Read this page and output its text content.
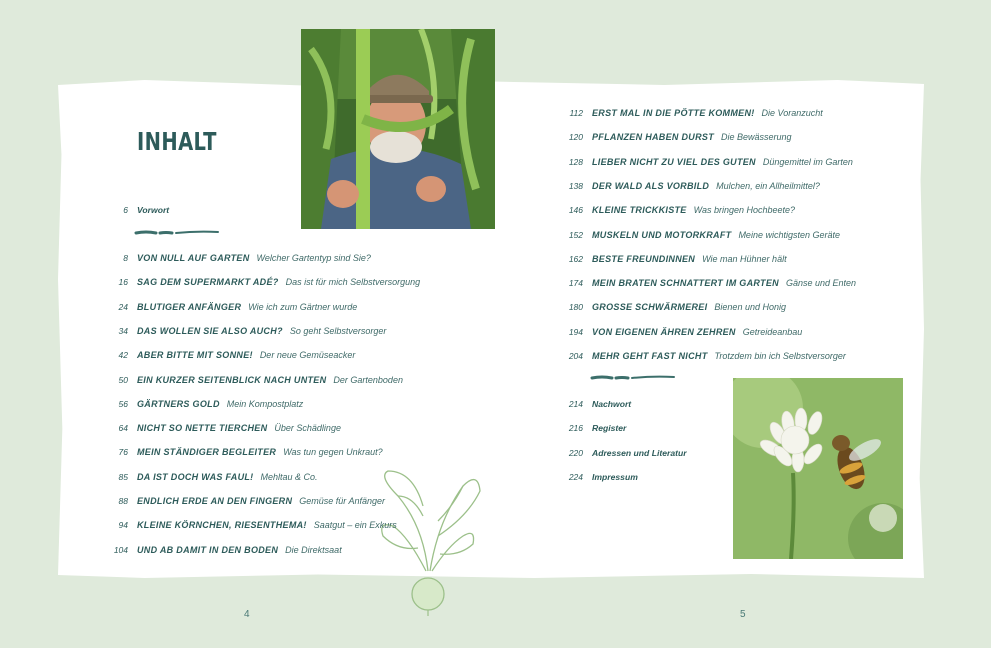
INHALT
6 Vorwort
8 VON NULL AUF GARTEN Welcher Gartentyp sind Sie?
16 SAG DEM SUPERMARKT ADÉ? Das ist für mich Selbstversorgung
24 BLUTIGER ANFÄNGER Wie ich zum Gärtner wurde
34 DAS WOLLEN SIE ALSO AUCH? So geht Selbstversorger
42 ABER BITTE MIT SONNE! Der neue Gemüseacker
50 EIN KURZER SEITENBLICK NACH UNTEN Der Gartenboden
56 GÄRTNERS GOLD Mein Kompostplatz
64 NICHT SO NETTE TIERCHEN Über Schädlinge
76 MEIN STÄNDIGER BEGLEITER Was tun gegen Unkraut?
85 DA IST DOCH WAS FAUL! Mehltau & Co.
88 ENDLICH ERDE AN DEN FINGERN Gemüse für Anfänger
94 KLEINE KÖRNCHEN, RIESENTHEMA! Saatgut – ein Exkurs
104 UND AB DAMIT IN DEN BODEN Die Direktsaat
112 ERST MAL IN DIE PÖTTE KOMMEN! Die Voranzucht
120 PFLANZEN HABEN DURST Die Bewässerung
128 LIEBER NICHT ZU VIEL DES GUTEN Düngemittel im Garten
138 DER WALD ALS VORBILD Mulchen, ein Allheilmittel?
146 KLEINE TRICKKISTE Was bringen Hochbeete?
152 MUSKELN UND MOTORKRAFT Meine wichtigsten Geräte
162 BESTE FREUNDINNEN Wie man Hühner hält
174 MEIN BRATEN SCHNATTERT IM GARTEN Gänse und Enten
180 GROSSE SCHWÄRMEREI Bienen und Honig
194 VON EIGENEN ÄHREN ZEHREN Getreideanbau
204 MEHR GEHT FAST NICHT Trotzdem bin ich Selbstversorger
214 Nachwort
216 Register
220 Adressen und Literatur
224 Impressum
4	5
